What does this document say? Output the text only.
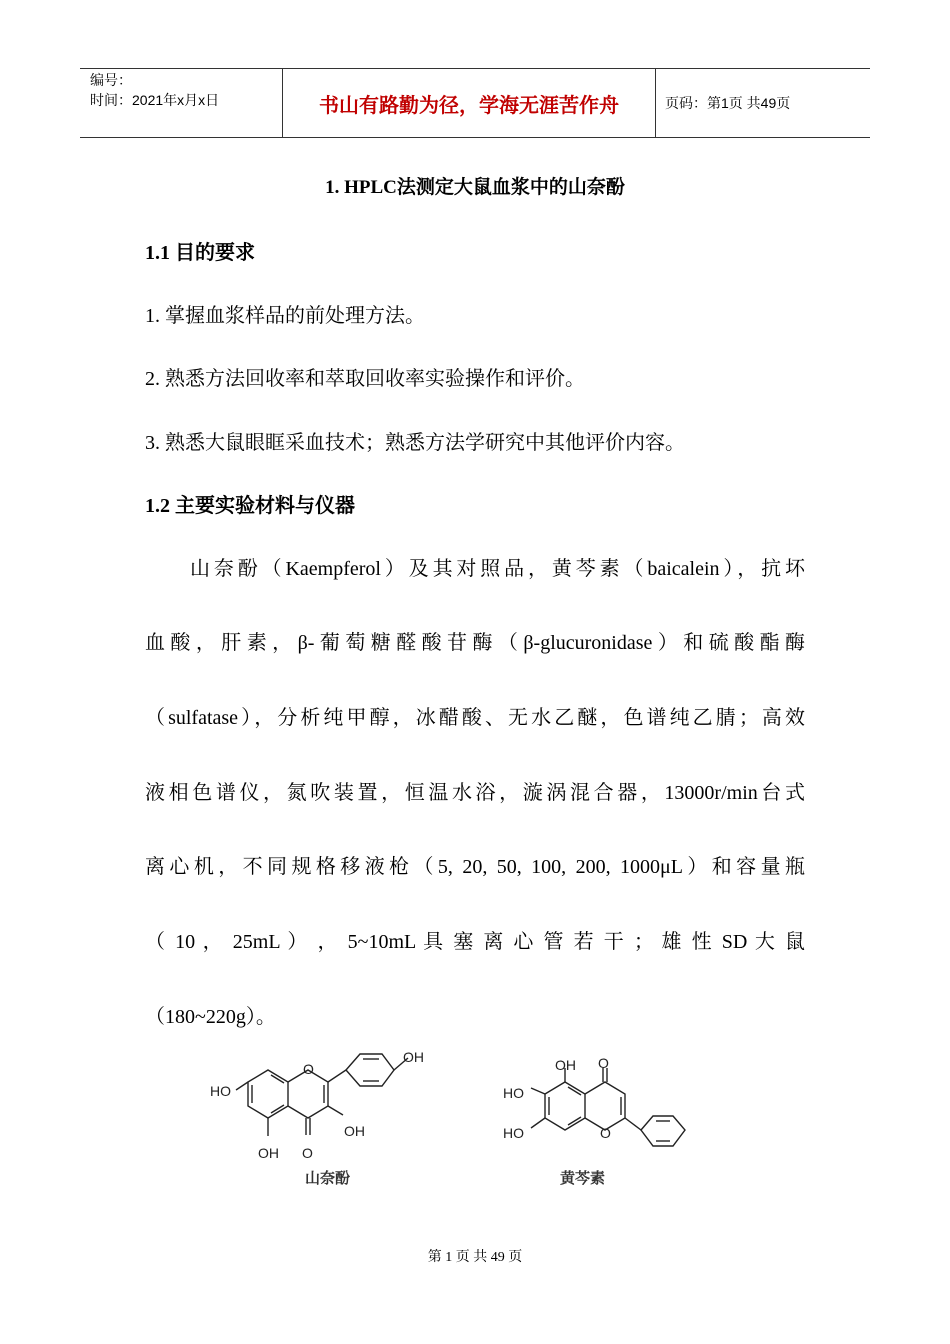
编号：
时间：2021年x月x日	书山有路勤为径，学海无涯苦作舟	页码：第1页 共49页
1. HPLC法测定大鼠血浆中的山奈酚
1.1 目的要求
1. 掌握血浆样品的前处理方法。
2. 熟悉方法回收率和萃取回收率实验操作和评价。
3. 熟悉大鼠眼眶采血技术；熟悉方法学研究中其他评价内容。
1.2 主要实验材料与仪器
山奈酚（Kaempferol）及其对照品，黄芩素（baicalein），抗坏
血酸，肝素，β-葡萄糖醛酸苷酶（β-glucuronidase）和硫酸酯酶
（sulfatase），分析纯甲醇，冰醋酸、无水乙醚，色谱纯乙腈；高效
液相色谱仪，氮吹装置，恒温水浴，漩涡混合器，13000r/min台式
离心机，不同规格移液枪（5, 20, 50, 100, 200, 1000μL）和容量瓶
（ 10 ， 25mL ） ， 5~10mL 具 塞 离 心 管 若 干 ； 雄 性 SD 大 鼠
（180~220g）。
HO
O
OH
OH
O
OH
山奈酚
OH O
HO
HO	O
黄芩素
第 1 页 共 49 页
